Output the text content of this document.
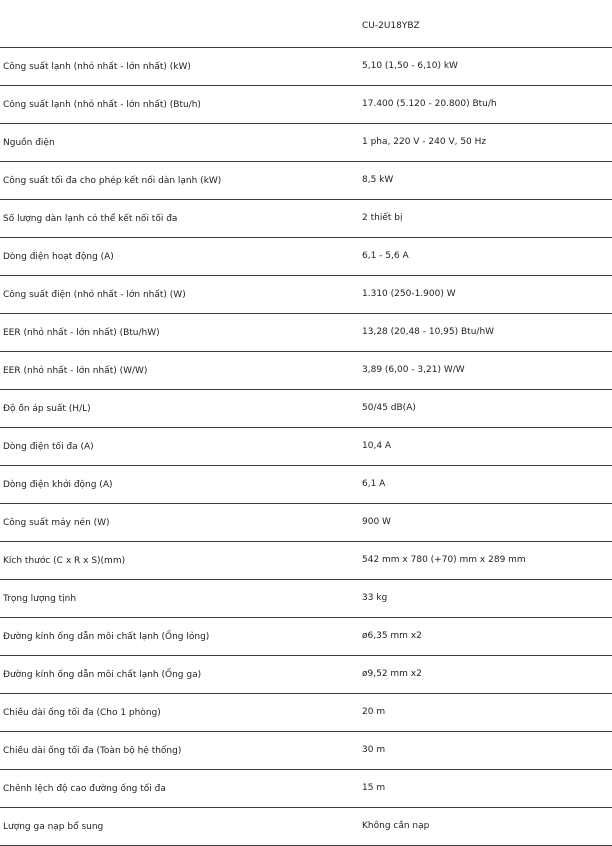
	CU-2U18YBZ
Công suất lạnh (nhỏ nhất - lớn nhất) (kW)	5,10 (1,50 - 6,10) kW
Công suất lạnh (nhỏ nhất - lớn nhất) (Btu/h)	17.400 (5.120 - 20.800) Btu/h
Nguồn điện	1 pha, 220 V - 240 V, 50 Hz
Công suất tối đa cho phép kết nối dàn lạnh (kW)	8,5 kW
Số lượng dàn lạnh có thể kết nối tối đa	2 thiết bị
Dòng điện hoạt động (A)	6,1 - 5,6 A
Công suất điện (nhỏ nhất - lớn nhất) (W)	1.310 (250-1.900) W
EER (nhỏ nhất - lớn nhất) (Btu/hW)	13,28 (20,48 - 10,95) Btu/hW
EER (nhỏ nhất - lớn nhất) (W/W)	3,89 (6,00 - 3,21) W/W
Độ ồn áp suất (H/L)	50/45 dB(A)
Dòng điện tối đa (A)	10,4 A
Dòng điện khởi động (A)	6,1 A
Công suất máy nén (W)	900 W
Kích thước (C x R x S)(mm)	542 mm x 780 (+70) mm x 289 mm
Trọng lượng tịnh	33 kg
Đường kính ống dẫn môi chất lạnh (Ống lỏng)	ø6,35 mm x2
Đường kính ống dẫn môi chất lạnh (Ống ga)	ø9,52 mm x2
Chiều dài ống tối đa (Cho 1 phòng)	20 m
Chiều dài ống tối đa (Toàn bộ hệ thống)	30 m
Chênh lệch độ cao đường ống tối đa	15 m
Lượng ga nạp bổ sung	Không cần nạp
